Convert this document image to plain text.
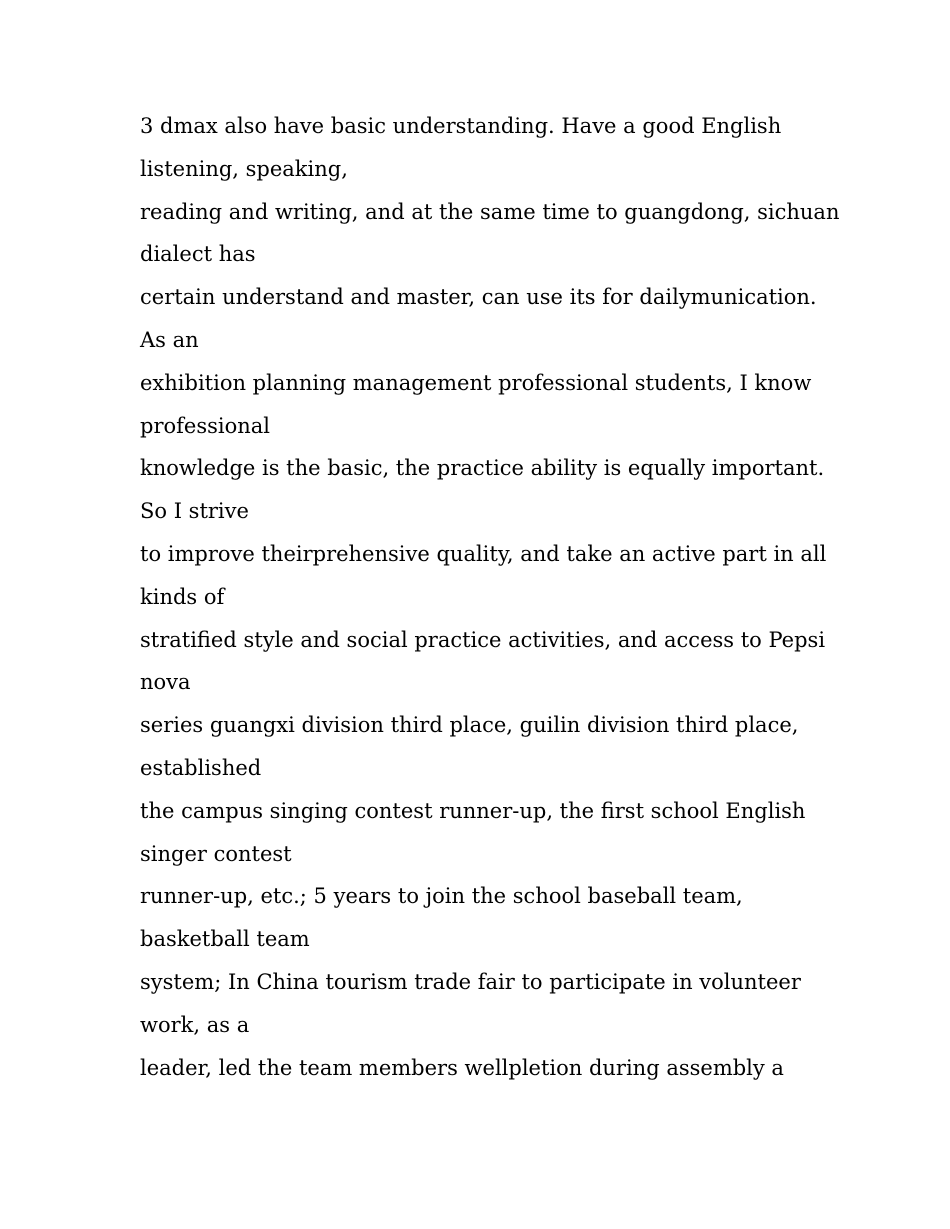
3 dmax also have basic understanding. Have a good English
listening, speaking,
reading and writing, and at the same time to guangdong, sichuan
dialect has
certain understand and master, can use its for dailymunication.
As an
exhibition planning management professional students, I know
professional
knowledge is the basic, the practice ability is equally important.
So I strive
to improve theirprehensive quality, and take an active part in all
kinds of
stratified style and social practice activities, and access to Pepsi
nova
series guangxi division third place, guilin division third place,
established
the campus singing contest runner-up, the first school English
singer contest
runner-up, etc.; 5 years to join the school baseball team,
basketball team
system; In China tourism trade fair to participate in volunteer
work, as a
leader, led the team members wellpletion during assembly a
